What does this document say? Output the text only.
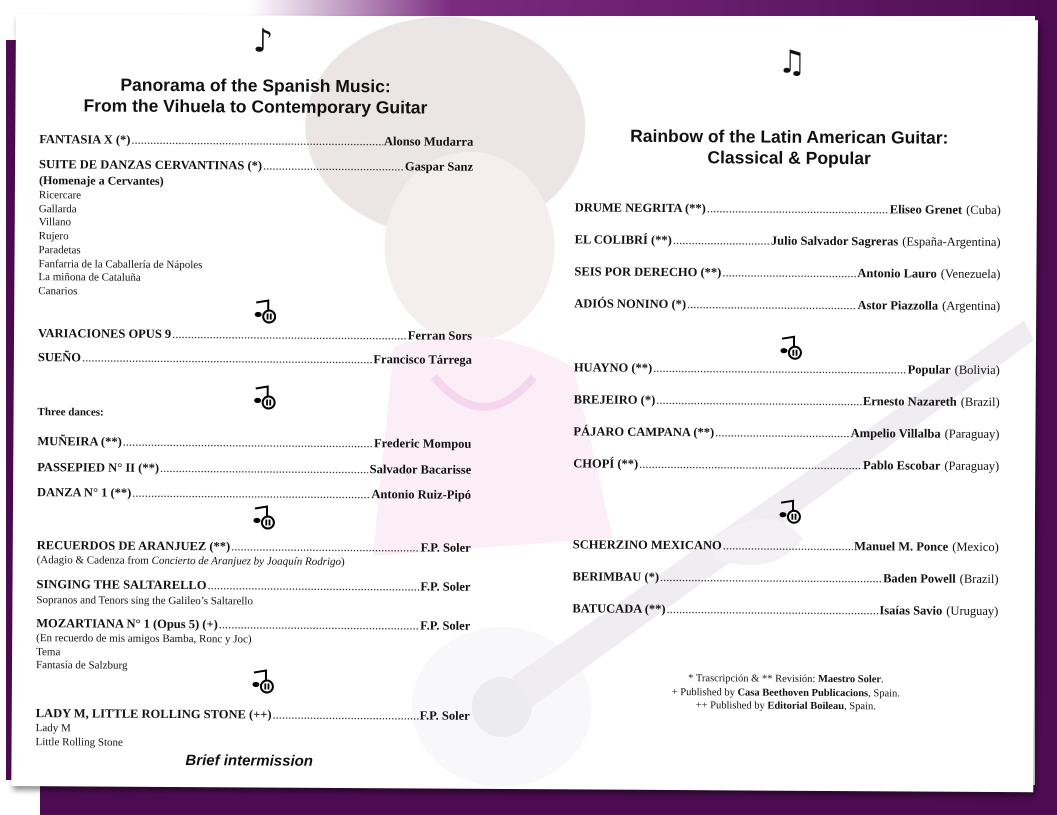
♪
Panorama of the Spanish Music:
From the Vihuela to Contemporary Guitar
FANTASIA X (*) .....	Alonso Mudarra
SUITE DE DANZAS CERVANTINAS (*) .....	Gaspar Sanz
(Homenaje a Cervantes)
Ricercare
Gallarda
Villano
Rujero
Paradetas
Fanfarria de la Caballería de Nápoles
La miñona de Cataluña
Canarios
VARIACIONES OPUS 9 .....	Ferran Sors
SUEÑO .....	Francisco Tárrega
Three dances:
MUÑEIRA (**) .....	Frederic Mompou
PASSEPIED N° II (**) .....	Salvador Bacarisse
DANZA N° 1 (**) .....	Antonio Ruiz-Pipó
RECUERDOS DE ARANJUEZ (**) .....	F.P. Soler
(Adagio & Cadenza from Concierto de Aranjuez by Joaquín Rodrigo)
SINGING THE SALTARELLO .....	F.P. Soler
Sopranos and Tenors sing the Galileo’s Saltarello
MOZARTIANA N° 1 (Opus 5) (+) .....	F.P. Soler
(En recuerdo de mis amigos Bamba, Ronc y Joc)
Tema
Fantasía de Salzburg
LADY M, LITTLE ROLLING STONE (++) .....	F.P. Soler
Lady M
Little Rolling Stone
Brief intermission
♫
Rainbow of the Latin American Guitar:
Classical & Popular
DRUME NEGRITA (**) .....	Eliseo Grenet (Cuba)
EL COLIBRÍ (**) .....	Julio Salvador Sagreras (España-Argentina)
SEIS POR DERECHO (**) .....	Antonio Lauro (Venezuela)
ADIÓS NONINO (*) .....	Astor Piazzolla (Argentina)
HUAYNO (**) .....	Popular (Bolivia)
BREJEIRO (*) .....	Ernesto Nazareth (Brazil)
PÁJARO CAMPANA (**) .....	Ampelio Villalba (Paraguay)
CHOPÍ (**) .....	Pablo Escobar (Paraguay)
SCHERZINO MEXICANO .....	Manuel M. Ponce (Mexico)
BERIMBAU (*) .....	Baden Powell (Brazil)
BATUCADA (**) .....	Isaías Savio (Uruguay)
* Trascripción & ** Revisión: Maestro Soler.
+ Published by Casa Beethoven Publicacions, Spain.
++ Published by Editorial Boileau, Spain.
